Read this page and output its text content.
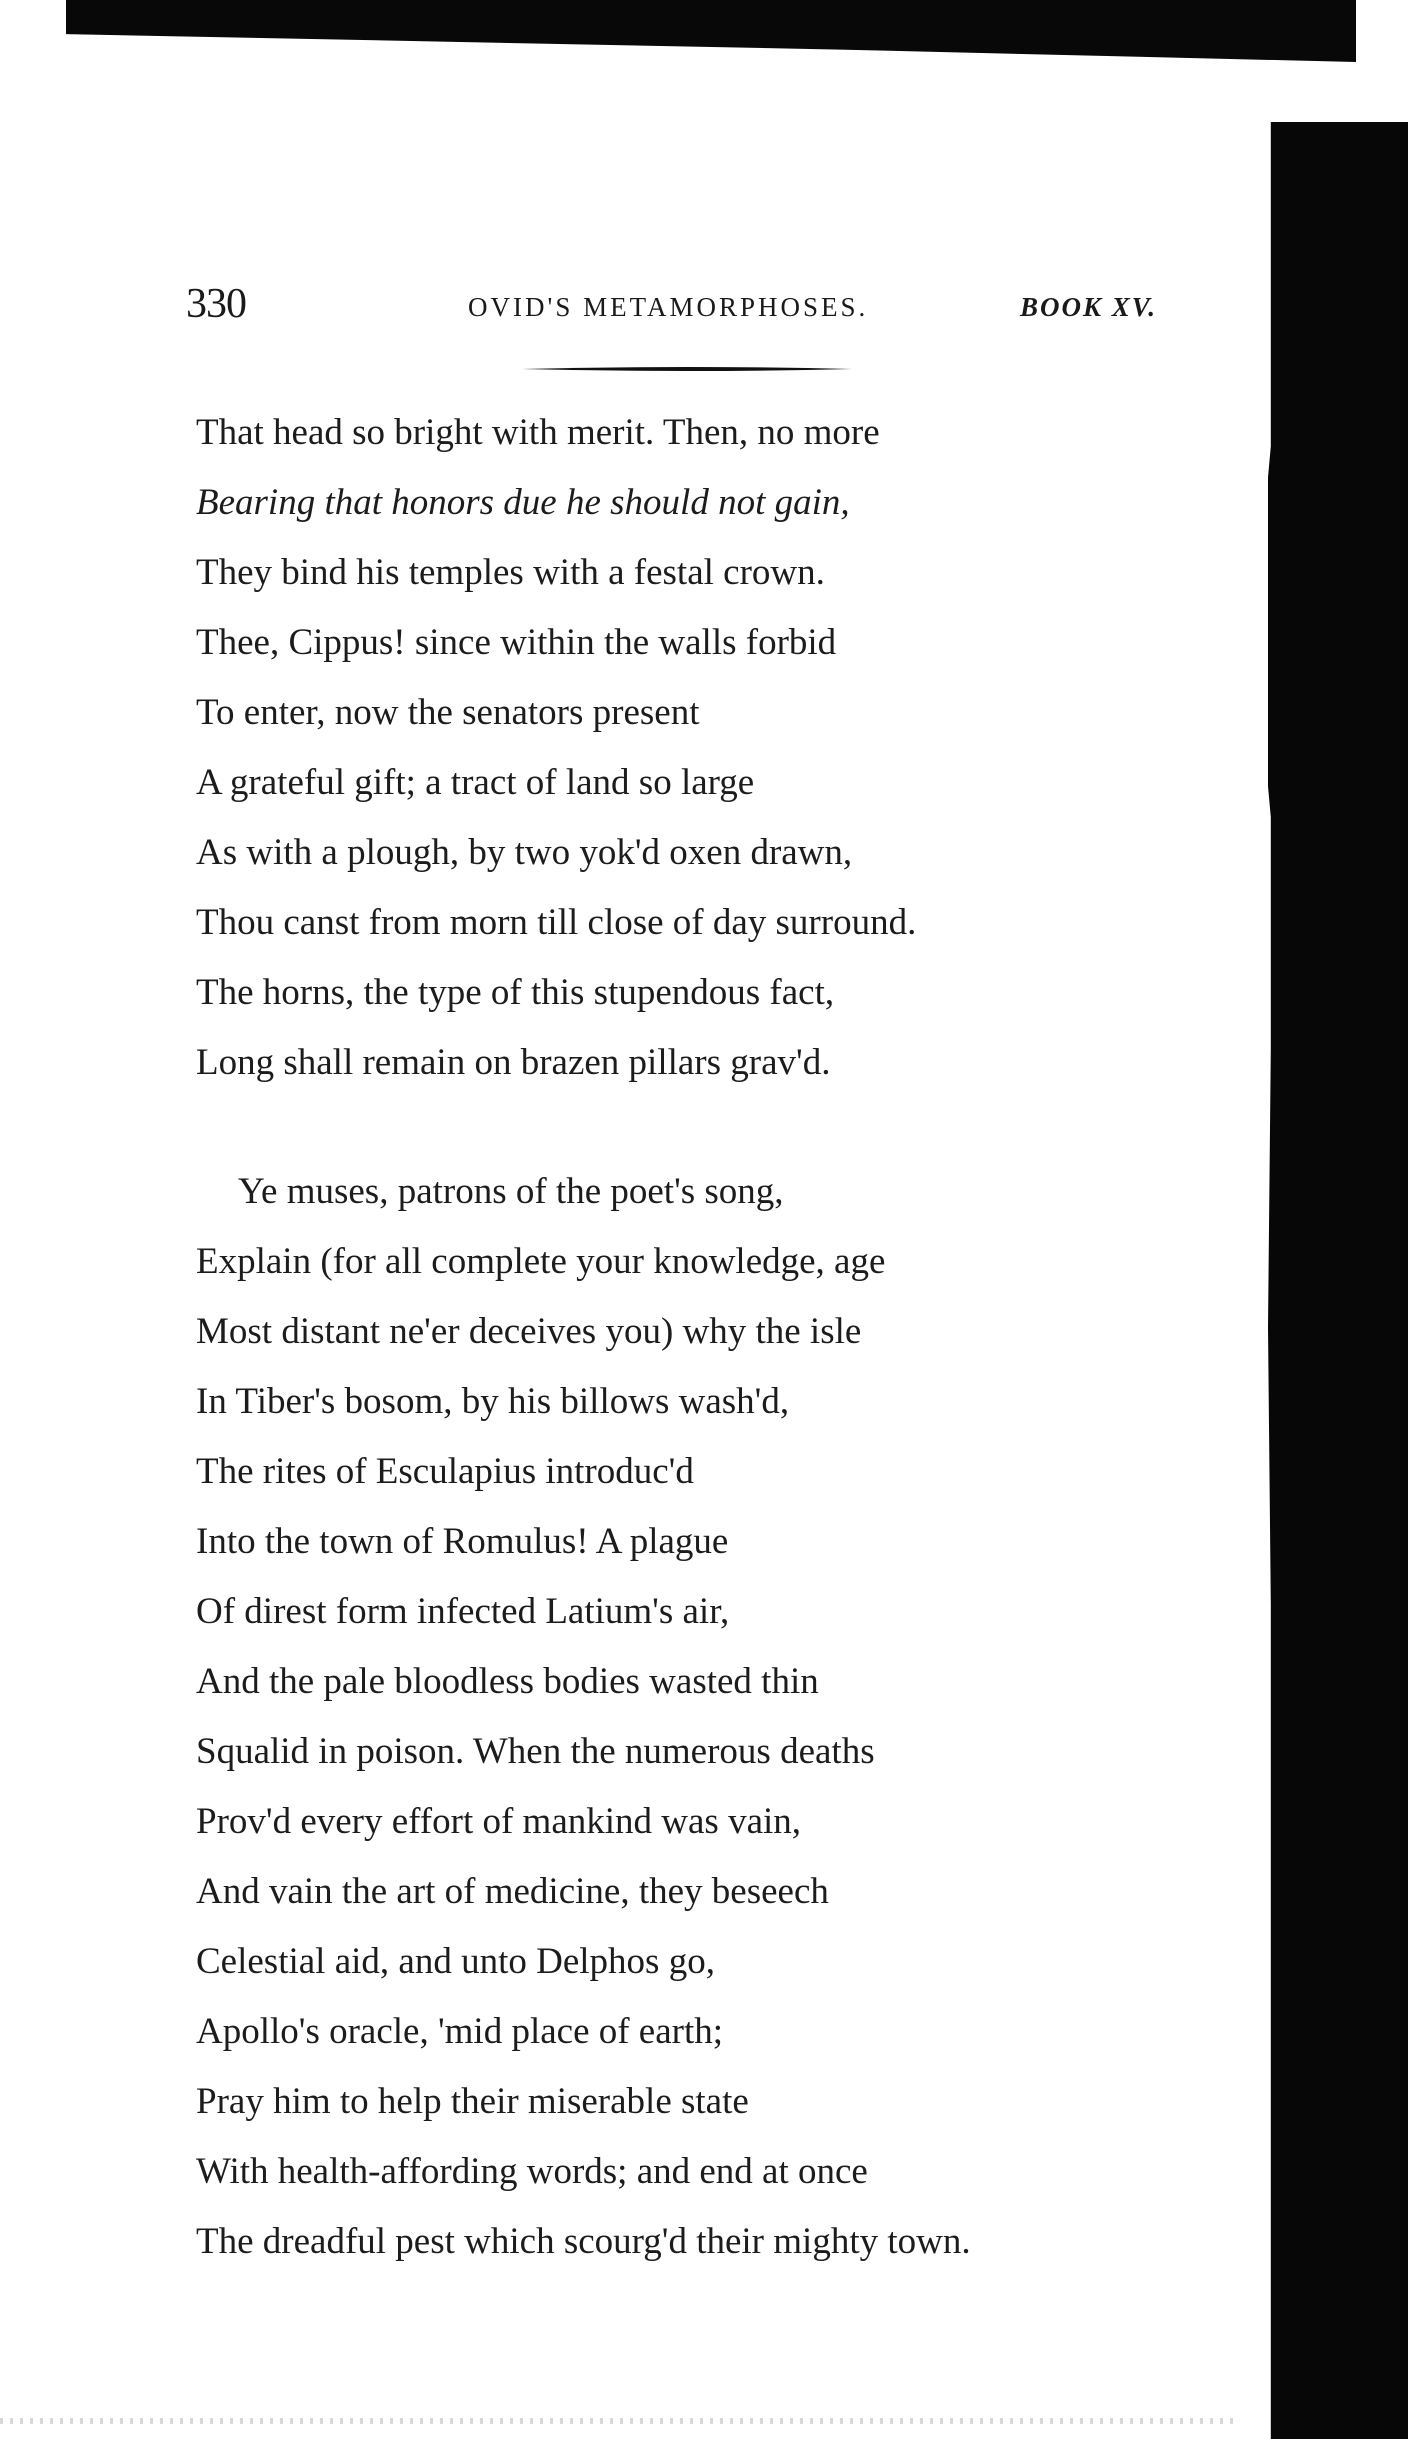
330	OVID'S METAMORPHOSES.	BOOK XV.
That head so bright with merit. Then, no more
Bearing that honors due he should not gain,
They bind his temples with a festal crown.
Thee, Cippus! since within the walls forbid
To enter, now the senators present
A grateful gift; a tract of land so large
As with a plough, by two yok'd oxen drawn,
Thou canst from morn till close of day surround.
The horns, the type of this stupendous fact,
Long shall remain on brazen pillars grav'd.
Ye muses, patrons of the poet's song,
Explain (for all complete your knowledge, age
Most distant ne'er deceives you) why the isle
In Tiber's bosom, by his billows wash'd,
The rites of Esculapius introduc'd
Into the town of Romulus! A plague
Of direst form infected Latium's air,
And the pale bloodless bodies wasted thin
Squalid in poison. When the numerous deaths
Prov'd every effort of mankind was vain,
And vain the art of medicine, they beseech
Celestial aid, and unto Delphos go,
Apollo's oracle, 'mid place of earth;
Pray him to help their miserable state
With health-affording words; and end at once
The dreadful pest which scourg'd their mighty town.
